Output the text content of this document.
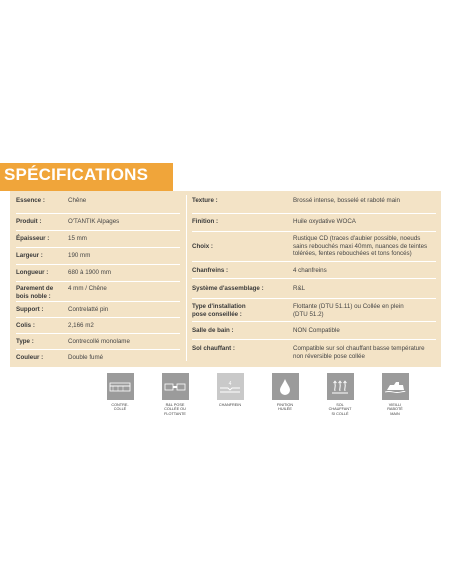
SPÉCIFICATIONS
Essence :	Chêne
Produit :	O'TANTIK Alpages
Épaisseur :	15 mm
Largeur :	190 mm
Longueur :	680 à 1900 mm
Parement de
bois noble :
4 mm / Chêne
Support :	Contrelatté pin
Colis :	2,166 m2
Type :	Contrecollé monolame
Couleur :	Double fumé
Texture :	Brossé intense, bosselé et raboté main
Finition :	Huile oxydative WOCA
Choix :
Rustique CD (traces d'aubier possible, noeuds
sains rebouchés maxi 40mm, nuances de teintes
tolérées, fentes rebouchées et tons foncés)
Chanfreins :	4 chanfreins
Système d'assemblage :	R&L
Type d'installation
pose conseillée :
Flottante (DTU 51.11) ou Collée en plein
(DTU 51.2)
Salle de bain :	NON Compatible
Sol chauffant :	Compatible sur sol chauffant basse température
non réversible pose collée
CONTRE-
COLLÉ
R&L POSE
COLLÉE OU
FLOTTANTE
4
CHANFREIN	FINITION
HUILÉE
SOL
CHAUFFANT
SI COLLÉ
VIEILLI
RABOTÉ
MAIN
